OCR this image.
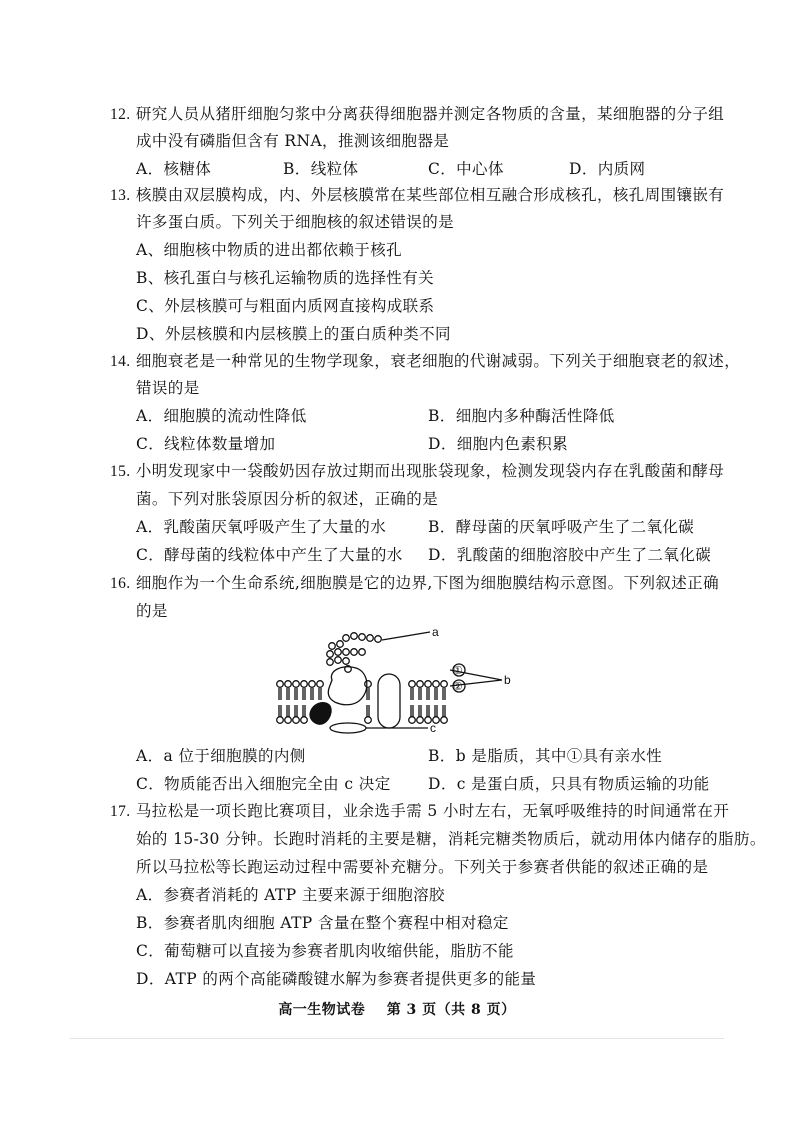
12. 研究人员从猪肝细胞匀浆中分离获得细胞器并测定各物质的含量，某细胞器的分子组
成中没有磷脂但含有 RNA，推测该细胞器是
A．核糖体	B．线粒体	C．中心体	D．内质网
13. 核膜由双层膜构成，内、外层核膜常在某些部位相互融合形成核孔，核孔周围镶嵌有
许多蛋白质。下列关于细胞核的叙述错误的是
A、细胞核中物质的进出都依赖于核孔
B、核孔蛋白与核孔运输物质的选择性有关
C、外层核膜可与粗面内质网直接构成联系
D、外层核膜和内层核膜上的蛋白质种类不同
14. 细胞衰老是一种常见的生物学现象，衰老细胞的代谢减弱。下列关于细胞衰老的叙述，
错误的是
A．细胞膜的流动性降低	B．细胞内多种酶活性降低
C．线粒体数量增加	D．细胞内色素积累
15. 小明发现家中一袋酸奶因存放过期而出现胀袋现象，检测发现袋内存在乳酸菌和酵母
菌。下列对胀袋原因分析的叙述，正确的是
A．乳酸菌厌氧呼吸产生了大量的水	B．酵母菌的厌氧呼吸产生了二氧化碳
C．酵母菌的线粒体中产生了大量的水 D．乳酸菌的细胞溶胶中产生了二氧化碳
16. 细胞作为一个生命系统,细胞膜是它的边界,下图为细胞膜结构示意图。下列叙述正确
的是
a
b
c
①
②
A．a 位于细胞膜的内侧	B．b 是脂质，其中①具有亲水性
C．物质能否出入细胞完全由 c 决定 D．c 是蛋白质，只具有物质运输的功能
17. 马拉松是一项长跑比赛项目，业余选手需 5 小时左右，无氧呼吸维持的时间通常在开
始的 15-30 分钟。长跑时消耗的主要是糖，消耗完糖类物质后，就动用体内储存的脂肪。
所以马拉松等长跑运动过程中需要补充糖分。下列关于参赛者供能的叙述正确的是
A．参赛者消耗的 ATP 主要来源于细胞溶胶
B．参赛者肌肉细胞 ATP 含量在整个赛程中相对稳定
C．葡萄糖可以直接为参赛者肌肉收缩供能，脂肪不能
D．ATP 的两个高能磷酸键水解为参赛者提供更多的能量
高一生物试卷 第 3 页（共 8 页）
